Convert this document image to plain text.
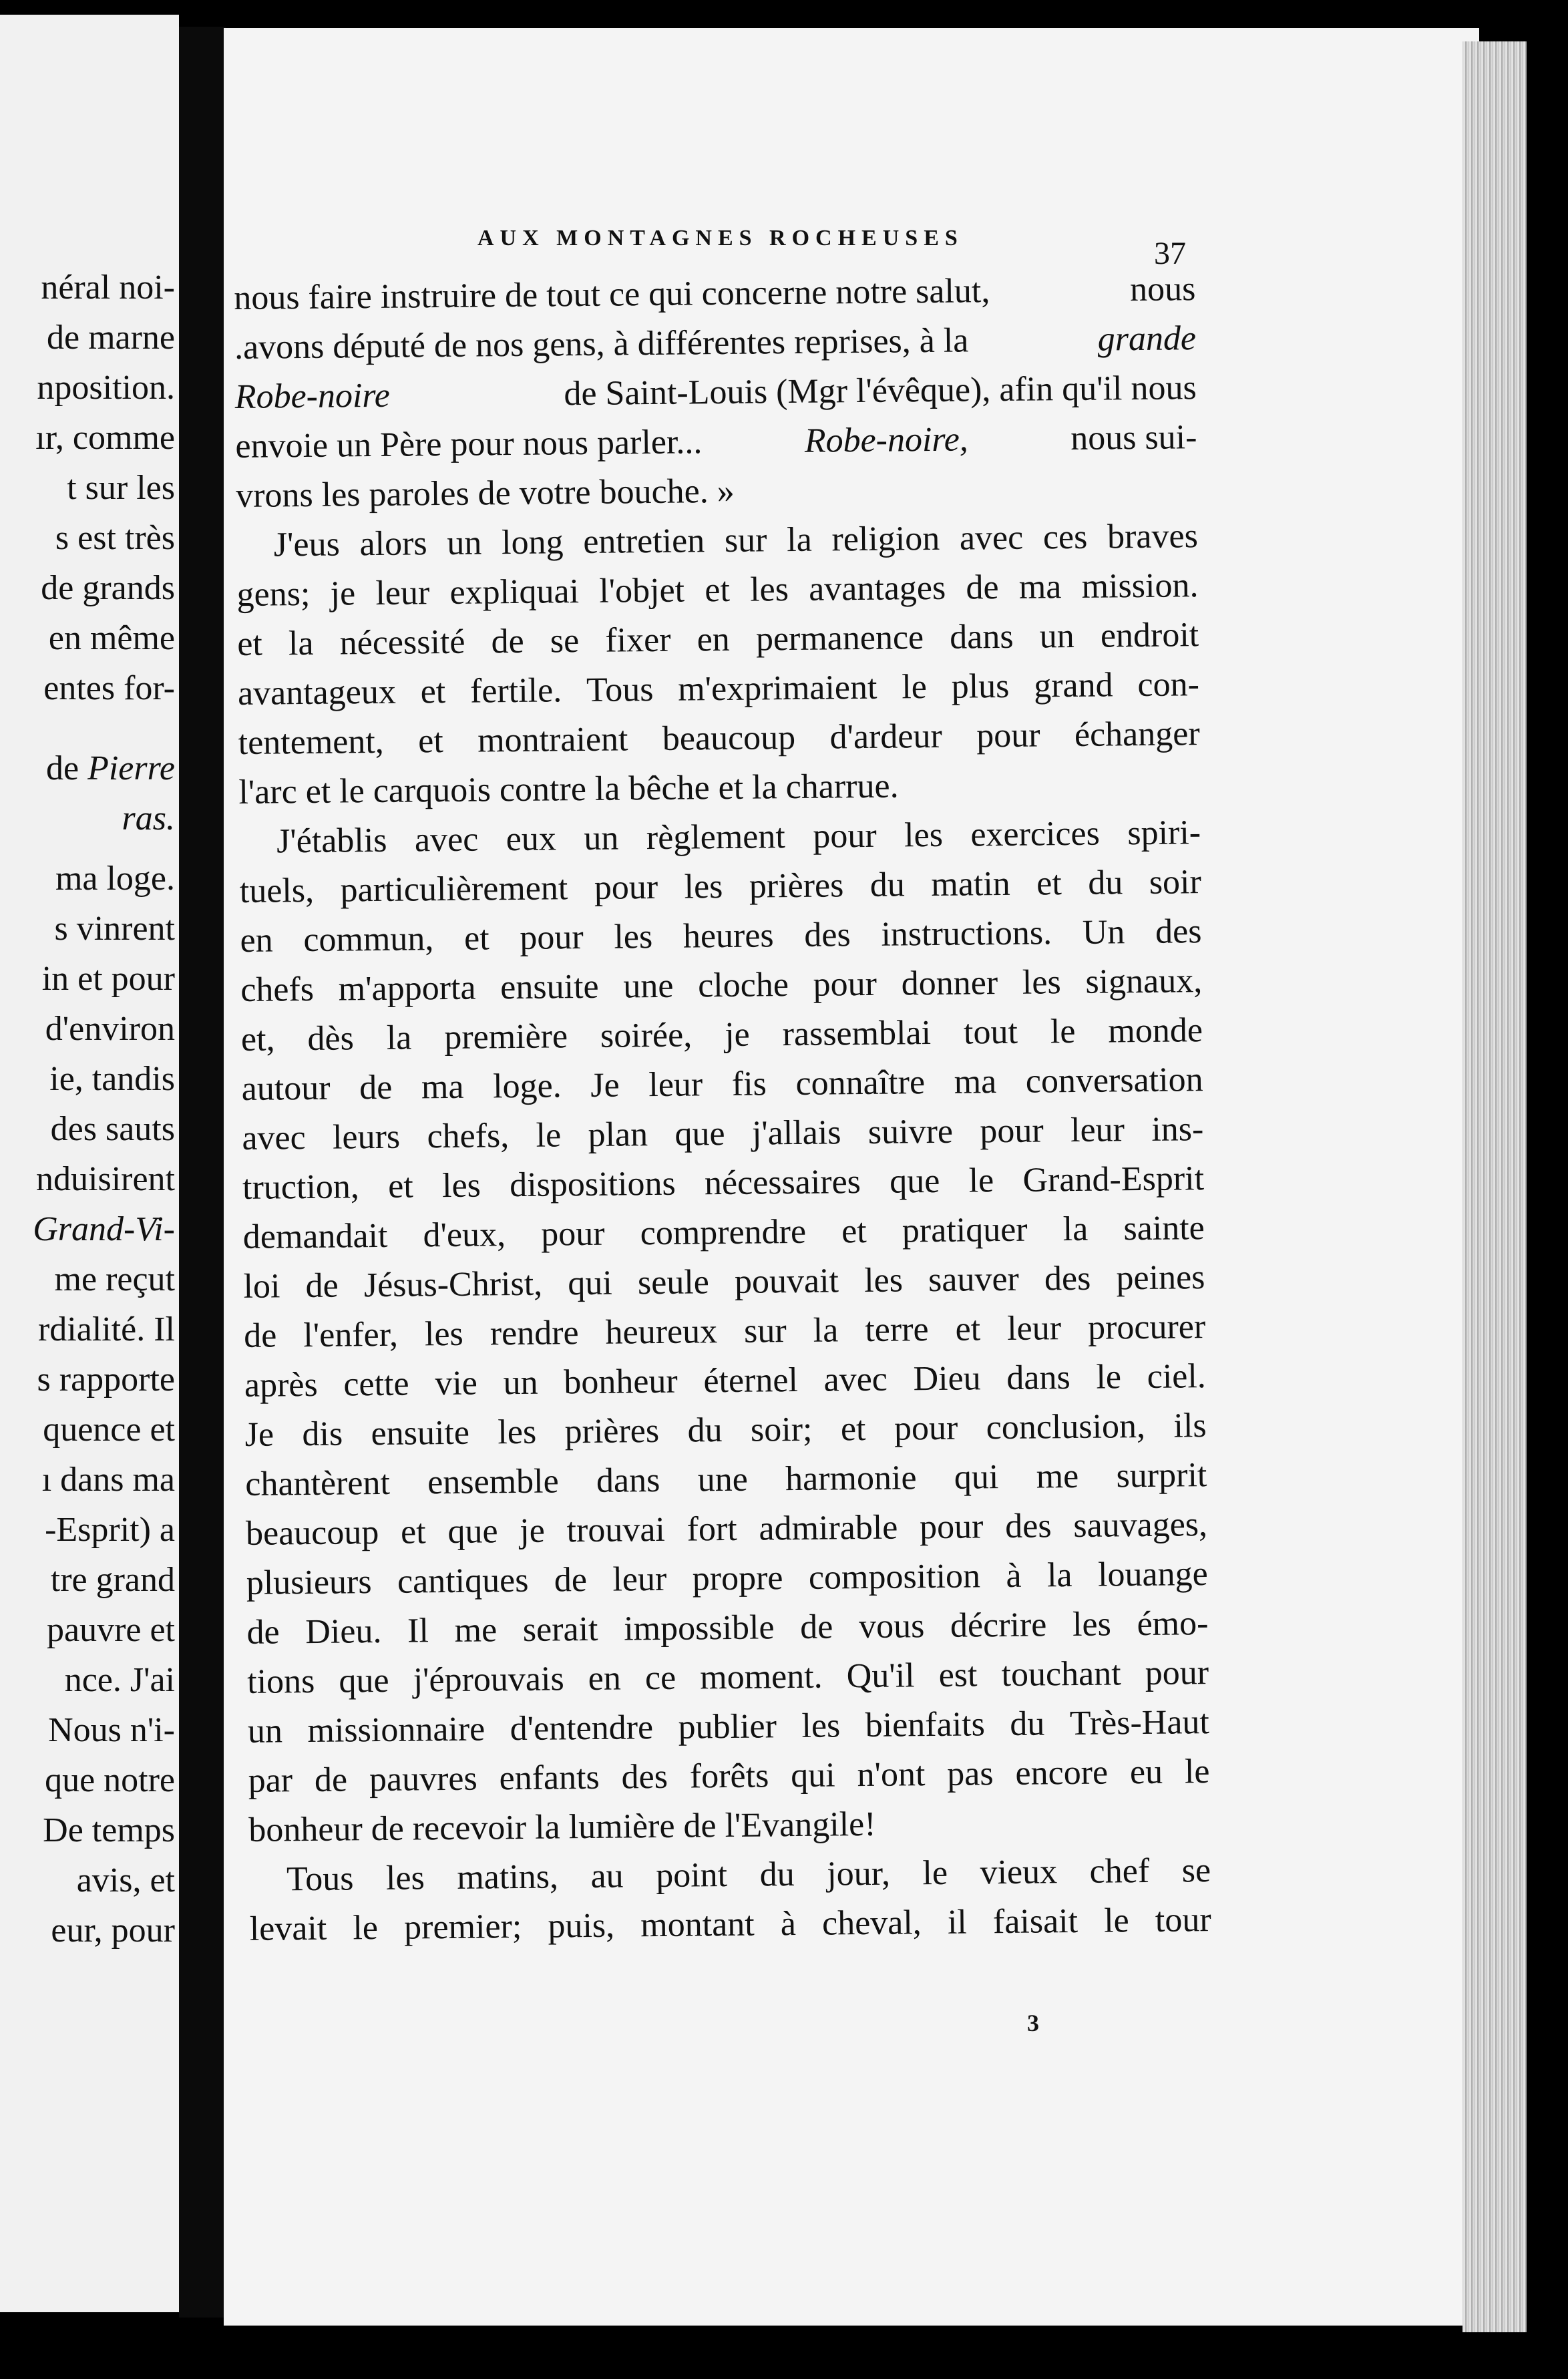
néral noi-
de marne
nposition.
ır, comme
t sur les
s est très
de grands
en même
entes for-
de Pierre
ras.
ma loge.
s vinrent
in et pour
d'environ
ie, tandis
des sauts
nduisirent
Grand-Vi-
me reçut
rdialité. Il
s rapporte
quence et
ı dans ma
-Esprit) a
tre grand
pauvre et
nce. J'ai
Nous n'i-
que notre
De temps
avis, et
eur, pour
AUX MONTAGNES ROCHEUSES	37
nous faire instruire de tout ce qui concerne notre salut,	nous
.avons député de nos gens, à différentes reprises, à la	grande
Robe-noire	de Saint-Louis (Mgr l'évêque), afin qu'il nous
envoie un Père pour nous parler...	Robe-noire,	nous sui-
vrons les paroles de votre bouche. »
J'eus alors un long entretien sur la religion avec ces braves
gens; je leur expliquai l'objet et les avantages de ma mission.
et la nécessité de se fixer en permanence dans un endroit
avantageux et fertile. Tous m'exprimaient le plus grand con-
tentement, et montraient beaucoup d'ardeur pour échanger
l'arc et le carquois contre la bêche et la charrue.
J'établis avec eux un règlement pour les exercices spiri-
tuels, particulièrement pour les prières du matin et du soir
en commun, et pour les heures des instructions. Un des
chefs m'apporta ensuite une cloche pour donner les signaux,
et, dès la première soirée, je rassemblai tout le monde
autour de ma loge. Je leur fis connaître ma conversation
avec leurs chefs, le plan que j'allais suivre pour leur ins-
truction, et les dispositions nécessaires que le Grand-Esprit
demandait d'eux, pour comprendre et pratiquer la sainte
loi de Jésus-Christ, qui seule pouvait les sauver des peines
de l'enfer, les rendre heureux sur la terre et leur procurer
après cette vie un bonheur éternel avec Dieu dans le ciel.
Je dis ensuite les prières du soir; et pour conclusion, ils
chantèrent ensemble dans une harmonie qui me surprit
beaucoup et que je trouvai fort admirable pour des sauvages,
plusieurs cantiques de leur propre composition à la louange
de Dieu. Il me serait impossible de vous décrire les émo-
tions que j'éprouvais en ce moment. Qu'il est touchant pour
un missionnaire d'entendre publier les bienfaits du Très-Haut
par de pauvres enfants des forêts qui n'ont pas encore eu le
bonheur de recevoir la lumière de l'Evangile!
Tous les matins, au point du jour, le vieux chef se
levait le premier; puis, montant à cheval, il faisait le tour
3
